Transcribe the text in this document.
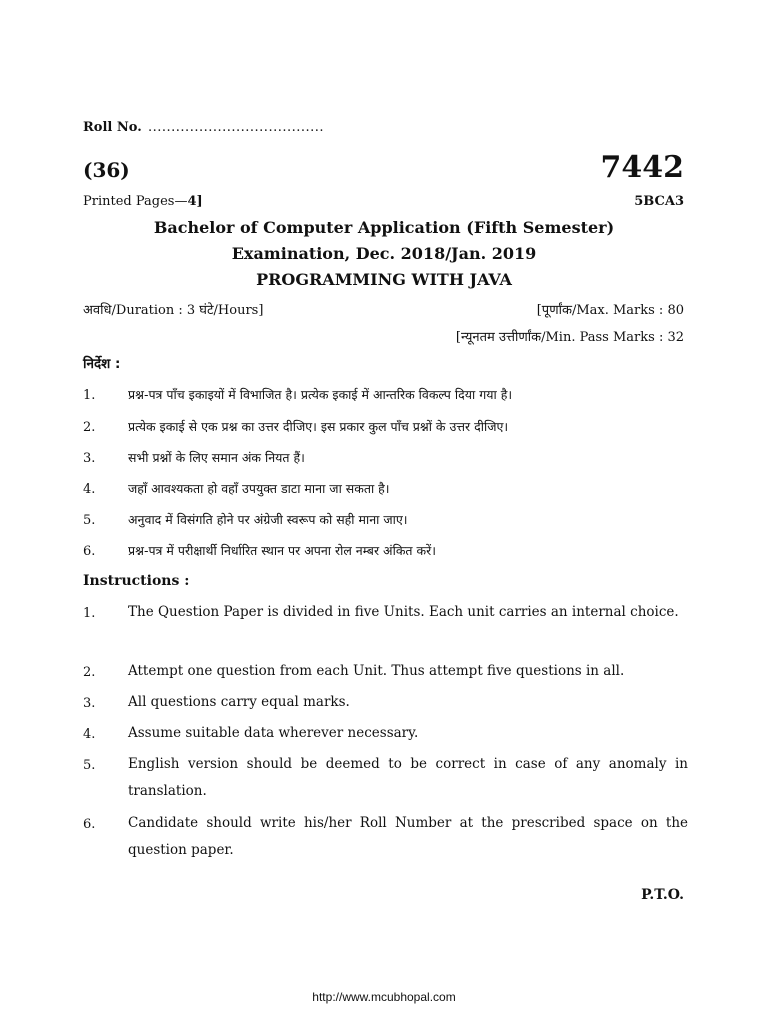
Roll No. ......................................
(36)	7442
Printed Pages—4]	5BCA3
Bachelor of Computer Application (Fifth Semester)
Examination, Dec. 2018/Jan. 2019
PROGRAMMING WITH JAVA
अवधि/Duration : 3 घंटे/Hours]	[पूर्णांक/Max. Marks : 80
[न्यूनतम उत्तीर्णांक/Min. Pass Marks : 32
निर्देश :
1.	प्रश्न-पत्र पाँच इकाइयों में विभाजित है। प्रत्येक इकाई में आन्तरिक विकल्प दिया गया है।
2.	प्रत्येक इकाई से एक प्रश्न का उत्तर दीजिए। इस प्रकार कुल पाँच प्रश्नों के उत्तर दीजिए।
3.	सभी प्रश्नों के लिए समान अंक नियत हैं।
4.	जहाँ आवश्यकता हो वहाँ उपयुक्त डाटा माना जा सकता है।
5.	अनुवाद में विसंगति होने पर अंग्रेजी स्वरूप को सही माना जाए।
6.	प्रश्न-पत्र में परीक्षार्थी निर्धारित स्थान पर अपना रोल नम्बर अंकित करें।
Instructions :
1. The Question Paper is divided in five Units. Each unit carries an internal choice.
2. Attempt one question from each Unit. Thus attempt five questions in all.
3. All questions carry equal marks.
4. Assume suitable data wherever necessary.
5. English version should be deemed to be correct in case of any anomaly in translation.
6. Candidate should write his/her Roll Number at the prescribed space on the question paper.
P.T.O.
http://www.mcubhopal.com
